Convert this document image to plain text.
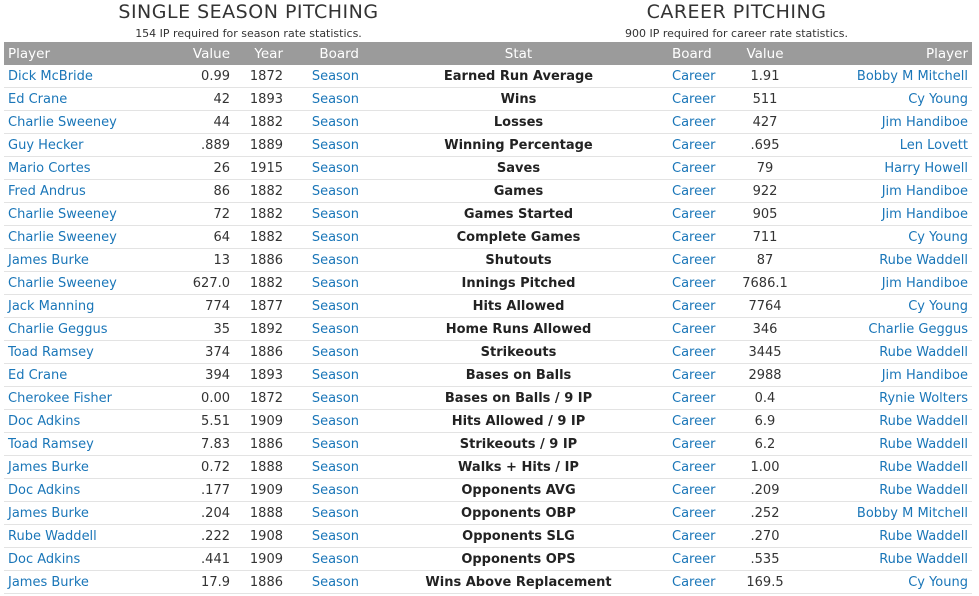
SINGLE SEASON PITCHING
154 IP required for season rate statistics.
CAREER PITCHING
900 IP required for career rate statistics.
Player	Value	Year	Board	Stat	Board	Value	Player
Dick McBride	0.99	1872	Season	Earned Run Average	Career	1.91	Bobby M Mitchell
Ed Crane	42	1893	Season	Wins	Career	511	Cy Young
Charlie Sweeney	44	1882	Season	Losses	Career	427	Jim Handiboe
Guy Hecker	.889	1889	Season	Winning Percentage	Career	.695	Len Lovett
Mario Cortes	26	1915	Season	Saves	Career	79	Harry Howell
Fred Andrus	86	1882	Season	Games	Career	922	Jim Handiboe
Charlie Sweeney	72	1882	Season	Games Started	Career	905	Jim Handiboe
Charlie Sweeney	64	1882	Season	Complete Games	Career	711	Cy Young
James Burke	13	1886	Season	Shutouts	Career	87	Rube Waddell
Charlie Sweeney	627.0	1882	Season	Innings Pitched	Career	7686.1	Jim Handiboe
Jack Manning	774	1877	Season	Hits Allowed	Career	7764	Cy Young
Charlie Geggus	35	1892	Season	Home Runs Allowed	Career	346	Charlie Geggus
Toad Ramsey	374	1886	Season	Strikeouts	Career	3445	Rube Waddell
Ed Crane	394	1893	Season	Bases on Balls	Career	2988	Jim Handiboe
Cherokee Fisher	0.00	1872	Season	Bases on Balls / 9 IP	Career	0.4	Rynie Wolters
Doc Adkins	5.51	1909	Season	Hits Allowed / 9 IP	Career	6.9	Rube Waddell
Toad Ramsey	7.83	1886	Season	Strikeouts / 9 IP	Career	6.2	Rube Waddell
James Burke	0.72	1888	Season	Walks + Hits / IP	Career	1.00	Rube Waddell
Doc Adkins	.177	1909	Season	Opponents AVG	Career	.209	Rube Waddell
James Burke	.204	1888	Season	Opponents OBP	Career	.252	Bobby M Mitchell
Rube Waddell	.222	1908	Season	Opponents SLG	Career	.270	Rube Waddell
Doc Adkins	.441	1909	Season	Opponents OPS	Career	.535	Rube Waddell
James Burke	17.9	1886	Season	Wins Above Replacement	Career	169.5	Cy Young
